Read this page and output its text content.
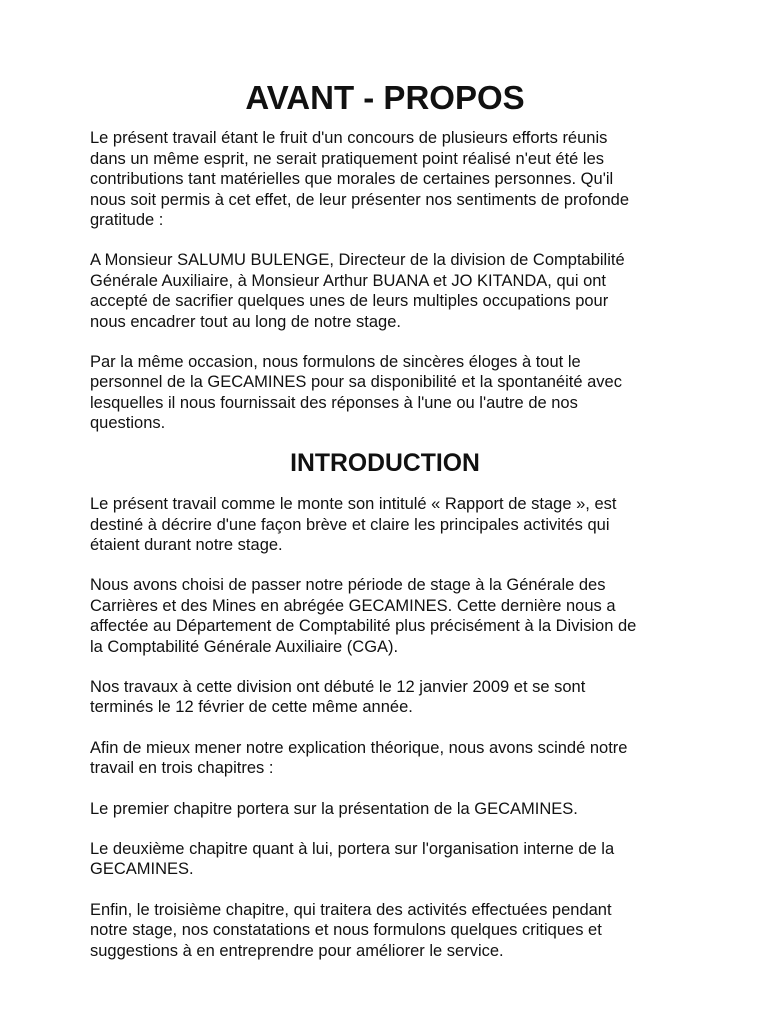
AVANT - PROPOS

Le présent travail étant le fruit d'un concours de plusieurs efforts réunis
dans un même esprit, ne serait pratiquement point réalisé n'eut été les
contributions tant matérielles que morales de certaines personnes. Qu'il
nous soit permis à cet effet, de leur présenter nos sentiments de profonde
gratitude :

A Monsieur SALUMU BULENGE, Directeur de la division de Comptabilité
Générale Auxiliaire, à Monsieur Arthur BUANA et JO KITANDA, qui ont
accepté de sacrifier quelques unes de leurs multiples occupations pour
nous encadrer tout au long de notre stage.

Par la même occasion, nous formulons de sincères éloges à tout le
personnel de la GECAMINES pour sa disponibilité et la spontanéité avec
lesquelles il nous fournissait des réponses à l'une ou l'autre de nos
questions.

INTRODUCTION

Le présent travail comme le monte son intitulé « Rapport de stage », est
destiné à décrire d'une façon brève et claire les principales activités qui
étaient durant notre stage.

Nous avons choisi de passer notre période de stage à la Générale des
Carrières et des Mines en abrégée GECAMINES. Cette dernière nous a
affectée au Département de Comptabilité plus précisément à la Division de
la Comptabilité Générale Auxiliaire (CGA).

Nos travaux à cette division ont débuté le 12 janvier 2009 et se sont
terminés le 12 février de cette même année.

Afin de mieux mener notre explication théorique, nous avons scindé notre
travail en trois chapitres :

Le premier chapitre portera sur la présentation de la GECAMINES.

Le deuxième chapitre quant à lui, portera sur l'organisation interne de la
GECAMINES.

Enfin, le troisième chapitre, qui traitera des activités effectuées pendant
notre stage, nos constatations et nous formulons quelques critiques et
suggestions à en entreprendre pour améliorer le service.
